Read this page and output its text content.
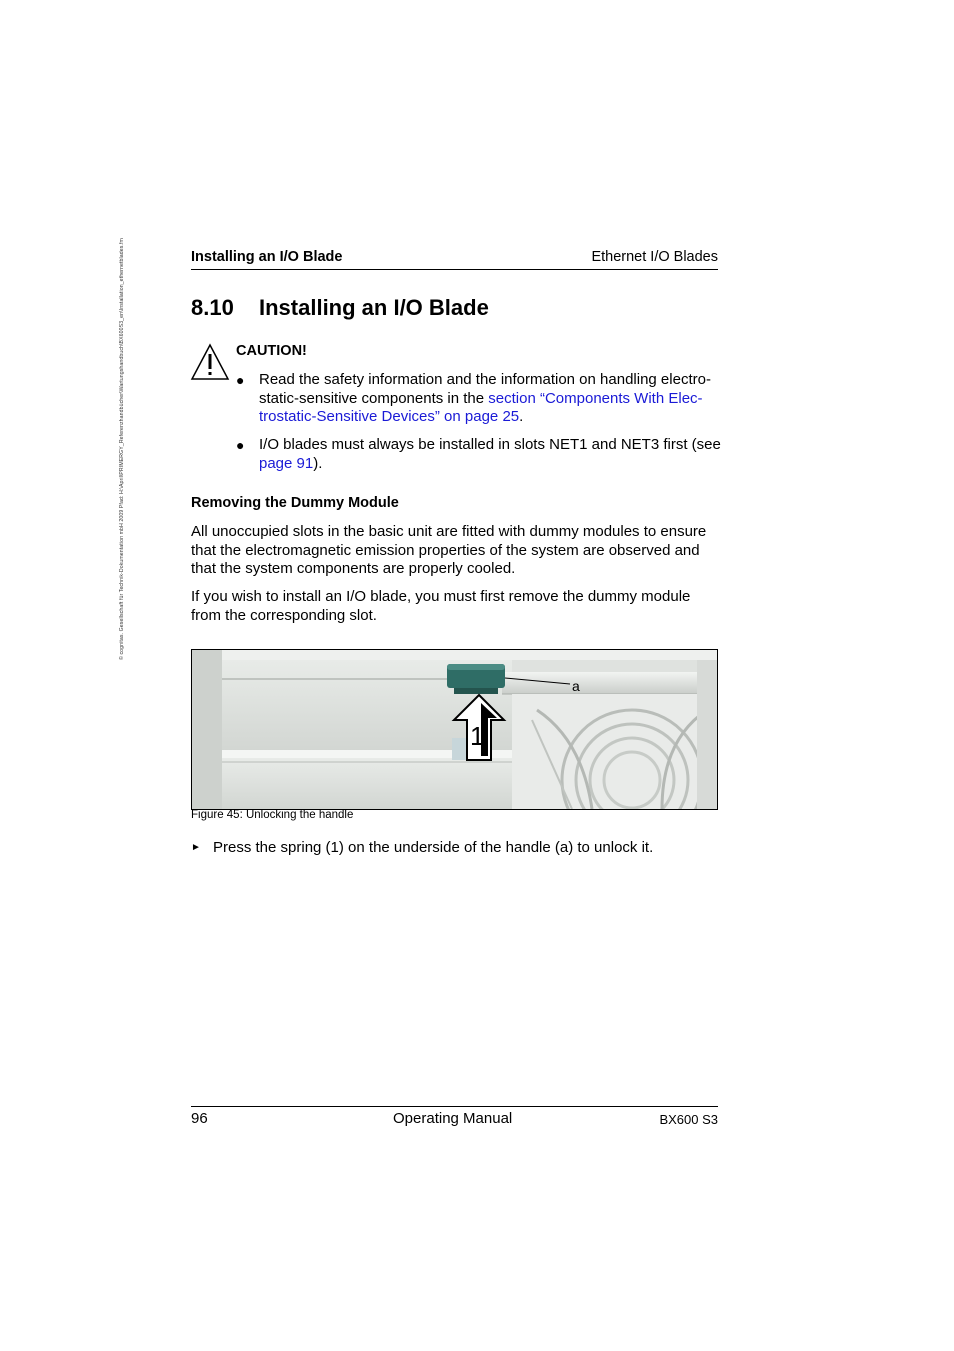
© cognitas. Gesellschaft für Technik-Dokumentation mbH 2009 Pfad: H:\April\PRIMERGY_Referenzhandbücher\Wartungshandbuch\BX600S3_en\Installation_ethernetblades.fm	Installing an I/O Blade	Ethernet I/O Blades
8.10 Installing an I/O Blade
CAUTION!
● Read the safety information and the information on handling electro-static-sensitive components in the section “Components With Elec-trostatic-Sensitive Devices” on page 25.
● I/O blades must always be installed in slots NET1 and NET3 first (see page 91).
Removing the Dummy Module
All unoccupied slots in the basic unit are fitted with dummy modules to ensure that the electromagnetic emission properties of the system are observed and that the system components are properly cooled.
If you wish to install an I/O blade, you must first remove the dummy module from the corresponding slot.
1
a
Figure 45: Unlocking the handle
► Press the spring (1) on the underside of the handle (a) to unlock it.
96	Operating Manual	BX600 S3
